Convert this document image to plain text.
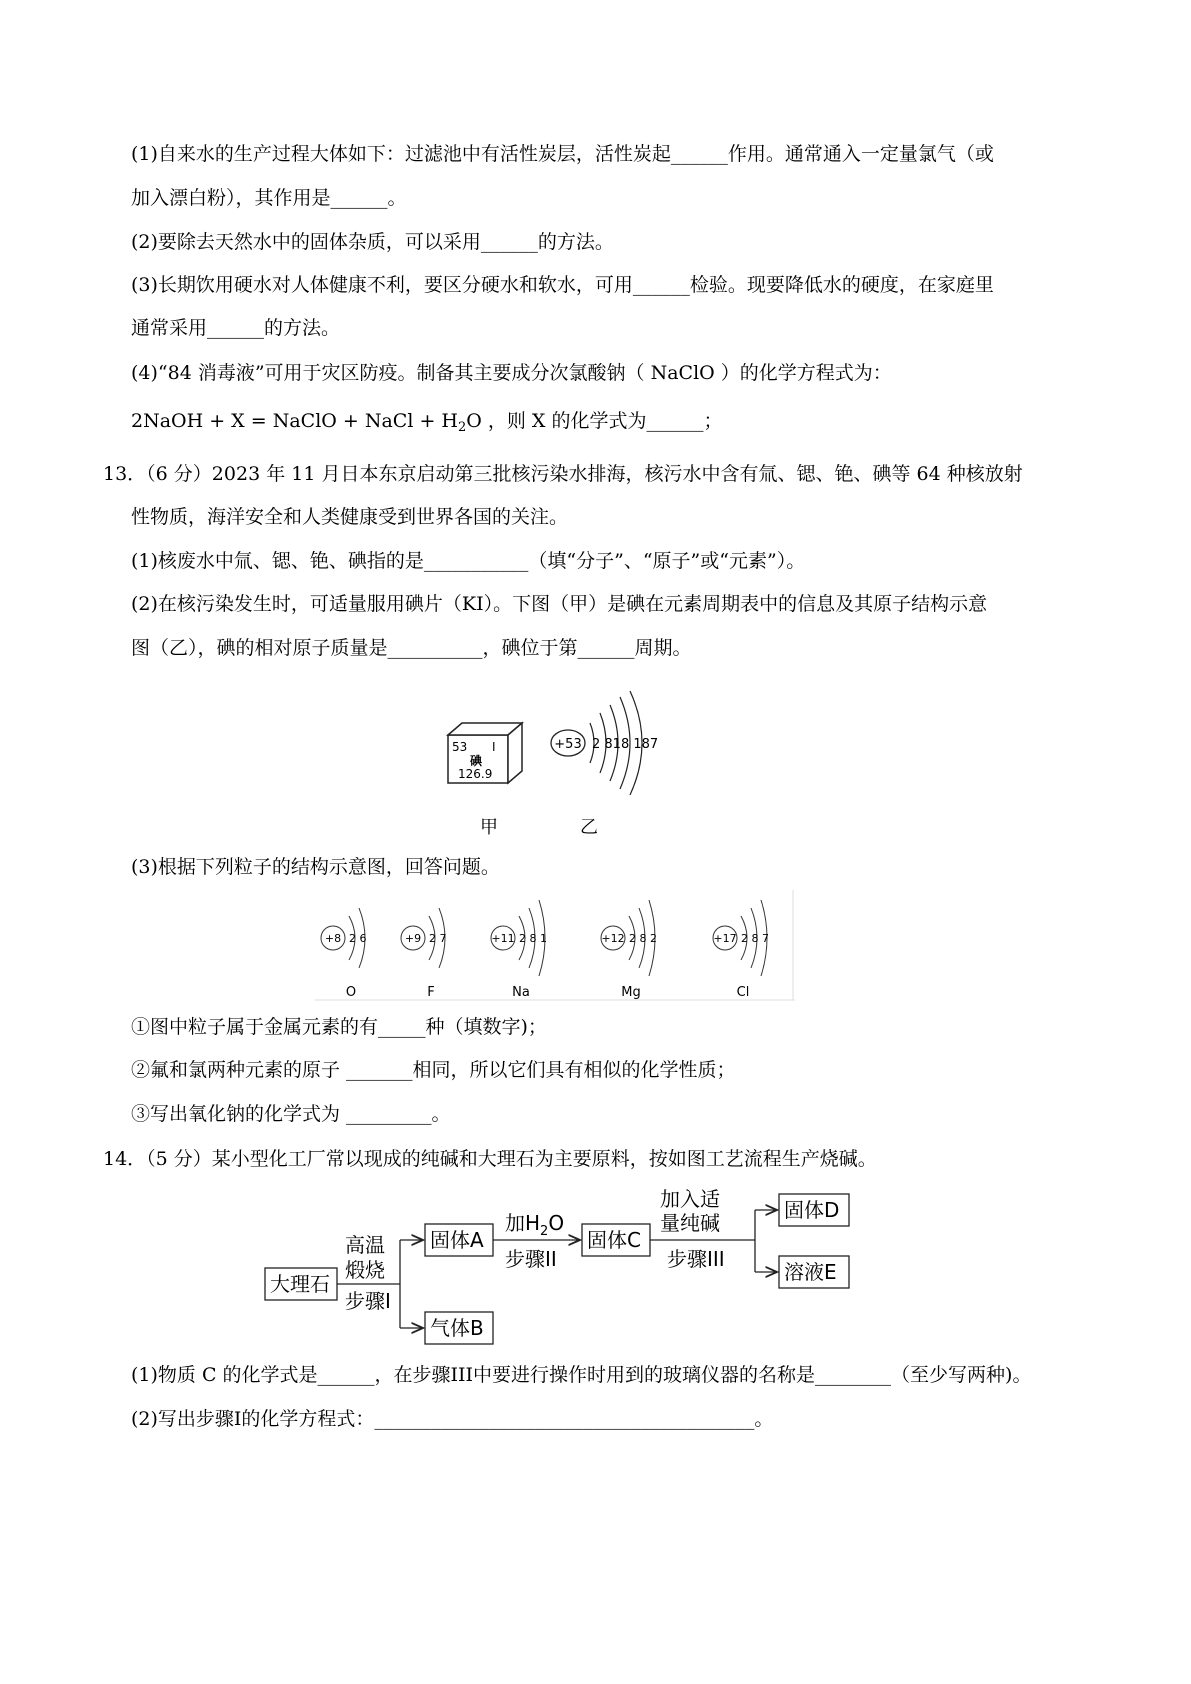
(1)自来水的生产过程大体如下：过滤池中有活性炭层，活性炭起______作用。通常通入一定量氯气（或
加入漂白粉），其作用是______。
(2)要除去天然水中的固体杂质，可以采用______的方法。
(3)长期饮用硬水对人体健康不利，要区分硬水和软水，可用______检验。现要降低水的硬度，在家庭里
通常采用______的方法。
(4)“84 消毒液”可用于灾区防疫。制备其主要成分次氯酸钠（ NaClO ）的化学方程式为：
2NaOH + X = NaClO + NaCl + $H_2O$ ，则 X 的化学式为______；
13．（6 分）2023 年 11 月日本东京启动第三批核污染水排海，核污水中含有氚、锶、铯、碘等 64 种核放射
性物质，海洋安全和人类健康受到世界各国的关注。
(1)核废水中氚、锶、铯、碘指的是___________（填“分子”、“原子”或“元素”）。
(2)在核污染发生时，可适量服用碘片（KI）。下图（甲）是碘在元素周期表中的信息及其原子结构示意
图（乙），碘的相对原子质量是__________，碘位于第______周期。
53 I
碘
126.9
+53 2 818 187
甲	乙
(3)根据下列粒子的结构示意图，回答问题。
+8 2 6
O
+9 2 7
F
+11 2 8 1
Na
+12 2 8 2
Mg
+17 2 8 7
Cl
①图中粒子属于金属元素的有_____种（填数字)；
②氟和氯两种元素的原子 _______相同，所以它们具有相似的化学性质；
③写出氧化钠的化学式为 _________。
14．（5 分）某小型化工厂常以现成的纯碱和大理石为主要原料，按如图工艺流程生产烧碱。
大理石
高温
煅烧
步骤I
固体A
气体B
加$H_2O$
步骤II
固体C
加入适
量纯碱
步骤III
固体D
溶液E
(1)物质 C 的化学式是______，在步骤III中要进行操作时用到的玻璃仪器的名称是________（至少写两种)。
(2)写出步骤I的化学方程式：________________________________________。
